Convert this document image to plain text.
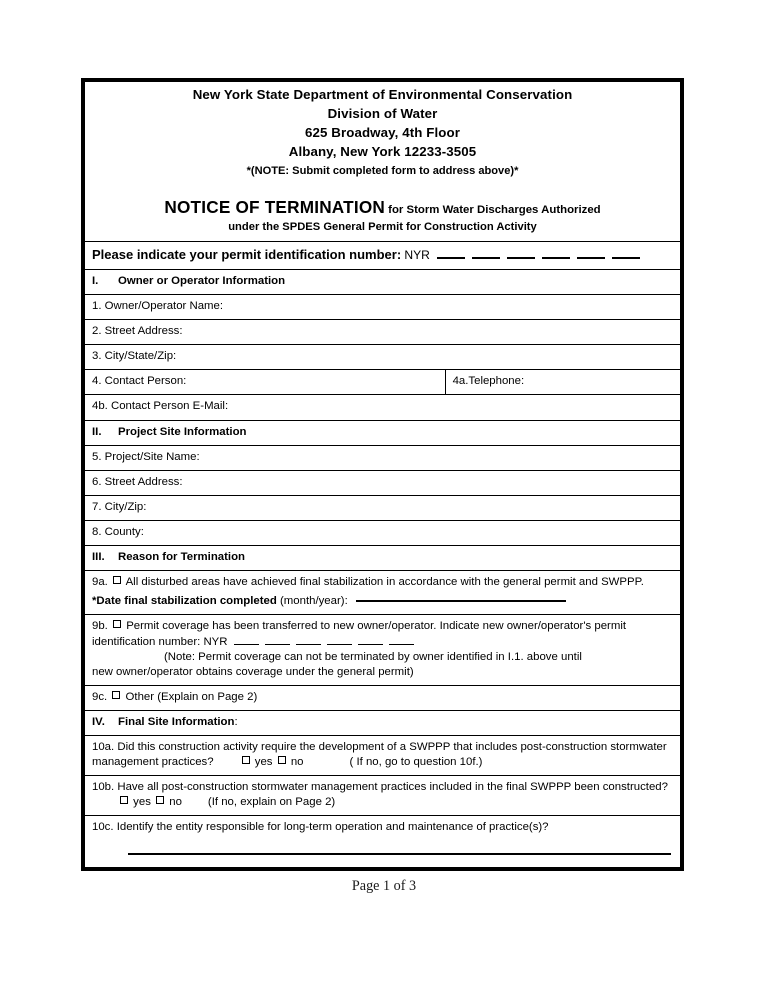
New York State Department of Environmental Conservation
Division of Water
625 Broadway, 4th Floor
Albany, New York 12233-3505
*(NOTE: Submit completed form to address above)*
NOTICE OF TERMINATION for Storm Water Discharges Authorized
under the SPDES General Permit for Construction Activity

Please indicate your permit identification number: NYR
I. Owner or Operator Information
1. Owner/Operator Name:
2. Street Address:
3. City/State/Zip:
4. Contact Person:	4a.Telephone:
4b. Contact Person E-Mail:
II. Project Site Information
5. Project/Site Name:
6. Street Address:
7. City/Zip:
8. County:
III. Reason for Termination
9a. All disturbed areas have achieved final stabilization in accordance with the general permit and SWPPP.*Date final stabilization completed (month/year):
9b. Permit coverage has been transferred to new owner/operator. Indicate new owner/operator's permit identification number: NYR
(Note: Permit coverage can not be terminated by owner identified in I.1. above until
new owner/operator obtains coverage under the general permit)
9c. Other (Explain on Page 2)
IV. Final Site Information:
10a. Did this construction activity require the development of a SWPPP that includes post-construction stormwater management practices?	yes no	( If no, go to question 10f.)
10b. Have all post-construction stormwater management practices included in the final SWPPP been constructed? yes no (If no, explain on Page 2)
10c. Identify the entity responsible for long-term operation and maintenance of practice(s)?
Page 1 of 3
